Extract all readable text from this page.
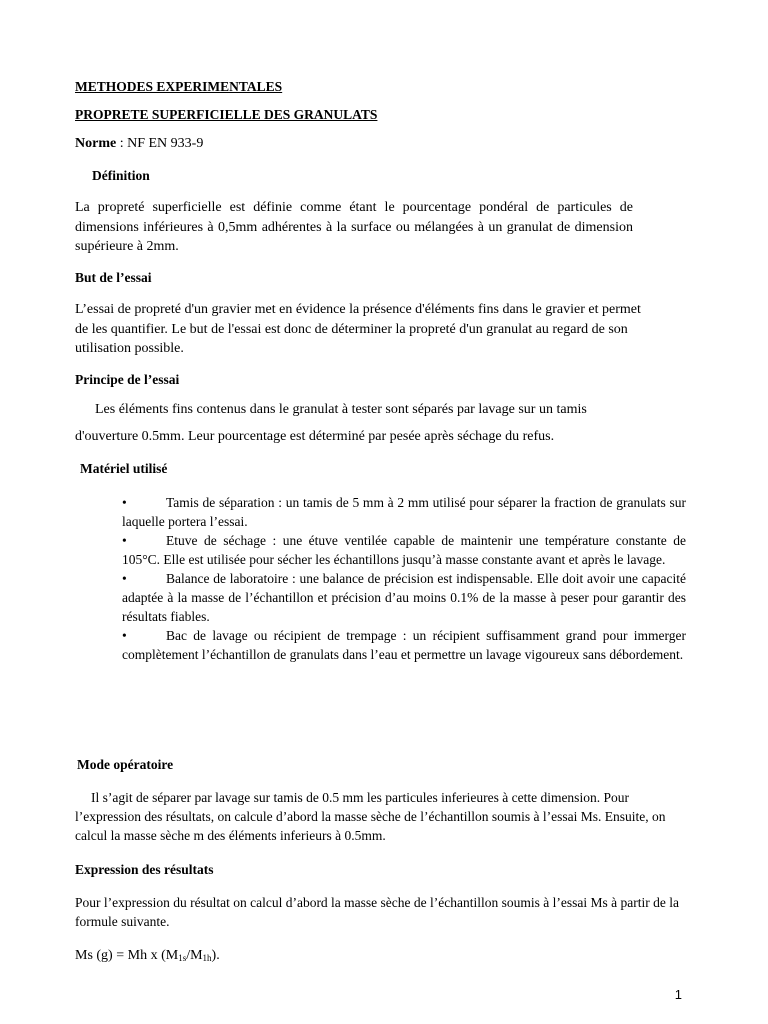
METHODES EXPERIMENTALES
PROPRETE SUPERFICIELLE DES GRANULATS
Norme : NF EN 933-9
Définition
La propreté superficielle est définie comme étant le pourcentage pondéral de particules de dimensions inférieures à 0,5mm adhérentes à la surface ou mélangées à un granulat de dimension supérieure à 2mm.
But de l’essai
L’essai de propreté d'un gravier met en évidence la présence d'éléments fins dans le gravier et permet de les quantifier. Le but de l'essai est donc de déterminer la propreté d'un granulat au regard de son utilisation possible.
Principe de l’essai
Les éléments fins contenus dans le granulat à tester sont séparés par lavage sur un tamis
d'ouverture 0.5mm. Leur pourcentage est déterminé par pesée après séchage du refus.
Matériel utilisé
•	Tamis de séparation : un tamis de 5 mm à 2 mm utilisé pour séparer la fraction de granulats sur laquelle portera l’essai.
•	Etuve de séchage : une étuve ventilée capable de maintenir une température constante de 105°C. Elle est utilisée pour sécher les échantillons jusqu’à masse constante avant et après le lavage.
•	Balance de laboratoire : une balance de précision est indispensable. Elle doit avoir une capacité adaptée à la masse de l’échantillon et précision d’au moins 0.1% de la masse à peser pour garantir des résultats fiables.
•	Bac de lavage ou récipient de trempage : un récipient suffisamment grand pour immerger complètement l’échantillon de granulats dans l’eau et permettre un lavage vigoureux sans débordement.
Mode opératoire
Il s’agit de séparer par lavage sur tamis de 0.5 mm les particules inferieures à cette dimension. Pour l’expression des résultats, on calcule d’abord la masse sèche de l’échantillon soumis à l’essai Ms. Ensuite, on calcul la masse sèche m des éléments inferieurs à 0.5mm.
Expression des résultats
Pour l’expression du résultat on calcul d’abord la masse sèche de l’échantillon soumis à l’essai Ms à partir de la formule suivante.
Ms (g) = Mh x $(M_{1s}/M_{1h})$.
1
